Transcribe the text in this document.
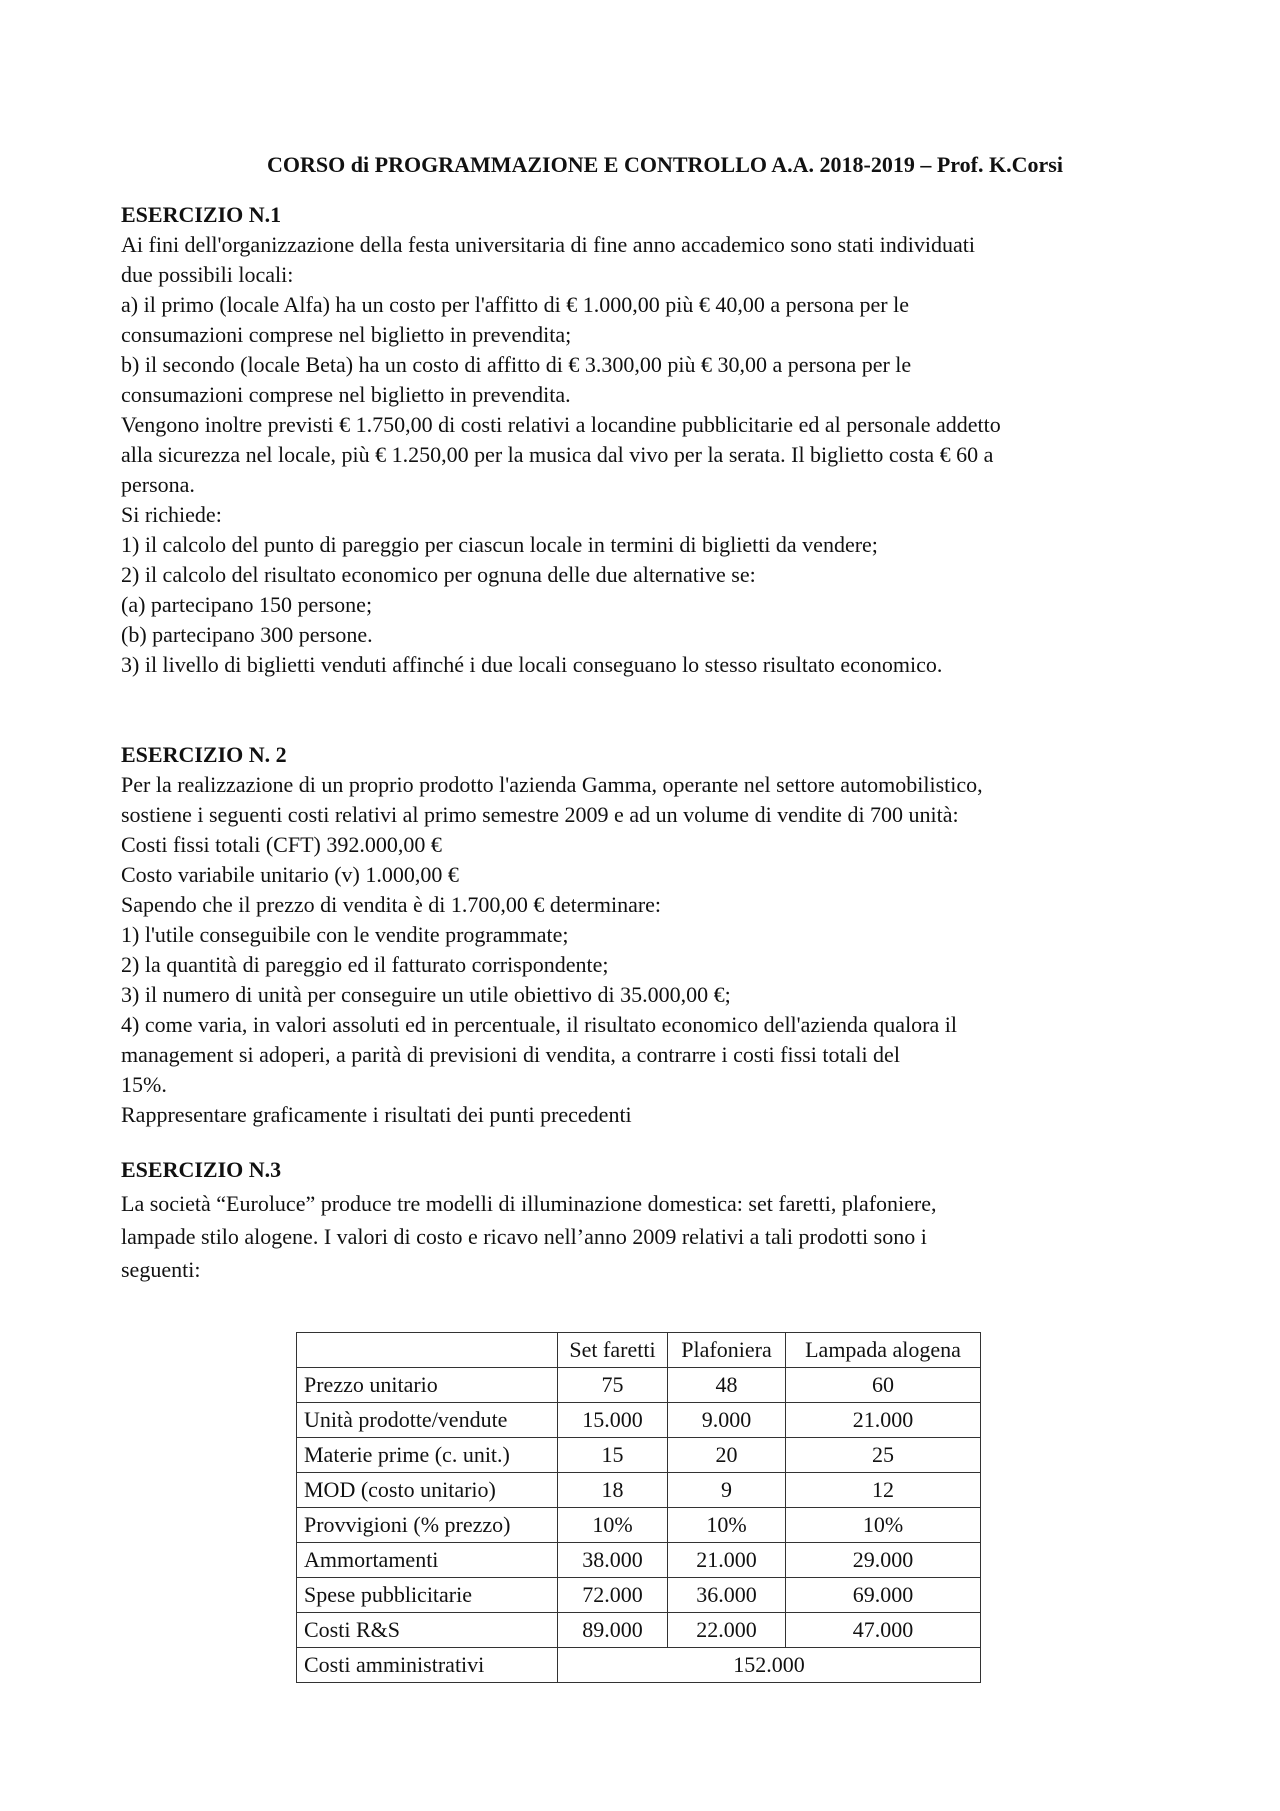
CORSO di PROGRAMMAZIONE E CONTROLLO A.A. 2018-2019 – Prof. K.Corsi

ESERCIZIO N.1

Ai fini dell'organizzazione della festa universitaria di fine anno accademico sono stati individuati

due possibili locali:

a) il primo (locale Alfa) ha un costo per l'affitto di € 1.000,00 più € 40,00 a persona per le

consumazioni comprese nel biglietto in prevendita;

b) il secondo (locale Beta) ha un costo di affitto di € 3.300,00 più € 30,00 a persona per le

consumazioni comprese nel biglietto in prevendita.

Vengono inoltre previsti € 1.750,00 di costi relativi a locandine pubblicitarie ed al personale addetto

alla sicurezza nel locale, più € 1.250,00 per la musica dal vivo per la serata. Il biglietto costa € 60 a

persona.

Si richiede:

1) il calcolo del punto di pareggio per ciascun locale in termini di biglietti da vendere;

2) il calcolo del risultato economico per ognuna delle due alternative se:

(a) partecipano 150 persone;

(b) partecipano 300 persone.

3) il livello di biglietti venduti affinché i due locali conseguano lo stesso risultato economico.

ESERCIZIO N. 2

Per la realizzazione di un proprio prodotto l'azienda Gamma, operante nel settore automobilistico,

sostiene i seguenti costi relativi al primo semestre 2009 e ad un volume di vendite di 700 unità:

Costi fissi totali (CFT) 392.000,00 €

Costo variabile unitario (v) 1.000,00 €

Sapendo che il prezzo di vendita è di 1.700,00 € determinare:

1) l'utile conseguibile con le vendite programmate;

2) la quantità di pareggio ed il fatturato corrispondente;

3) il numero di unità per conseguire un utile obiettivo di 35.000,00 €;

4) come varia, in valori assoluti ed in percentuale, il risultato economico dell'azienda qualora il

management si adoperi, a parità di previsioni di vendita, a contrarre i costi fissi totali del

15%.

Rappresentare graficamente i risultati dei punti precedenti

ESERCIZIO N.3

La società “Euroluce” produce tre modelli di illuminazione domestica: set faretti, plafoniere,

lampade stilo alogene. I valori di costo e ricavo nell’anno 2009 relativi a tali prodotti sono i

seguenti:

	Set faretti	Plafoniera	Lampada alogena
Prezzo unitario	75	48	60
Unità prodotte/vendute	15.000	9.000	21.000
Materie prime (c. unit.)	15	20	25
MOD (costo unitario)	18	9	12
Provvigioni (% prezzo)	10%	10%	10%
Ammortamenti	38.000	21.000	29.000
Spese pubblicitarie	72.000	36.000	69.000
Costi R&S	89.000	22.000	47.000
Costi amministrativi	152.000		
